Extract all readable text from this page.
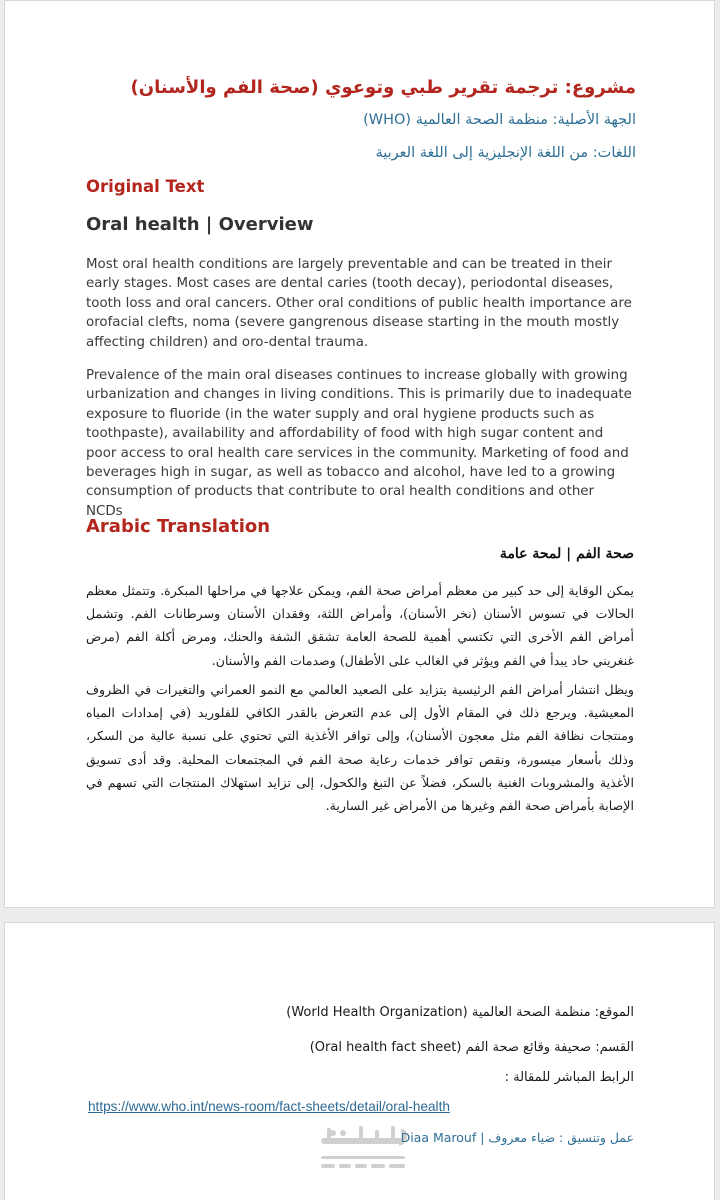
مشروع: ترجمة تقرير طبي وتوعوي (صحة الفم والأسنان)
الجهة الأصلية: منظمة الصحة العالمية (WHO)
اللغات: من اللغة الإنجليزية إلى اللغة العربية
Original Text
Oral health | Overview

Most oral health conditions are largely preventable and can be treated in their early stages. Most cases are dental caries (tooth decay), periodontal diseases, tooth loss and oral cancers. Other oral conditions of public health importance are orofacial clefts, noma (severe gangrenous disease starting in the mouth mostly affecting children) and oro-dental trauma.

Prevalence of the main oral diseases continues to increase globally with growing urbanization and changes in living conditions. This is primarily due to inadequate exposure to fluoride (in the water supply and oral hygiene products such as toothpaste), availability and affordability of food with high sugar content and poor access to oral health care services in the community. Marketing of food and beverages high in sugar, as well as tobacco and alcohol, have led to a growing consumption of products that contribute to oral health conditions and other NCDs

Arabic Translation
صحة الفم | لمحة عامة

يمكن الوقاية إلى حد كبير من معظم أمراض صحة الفم، ويمكن علاجها في مراحلها المبكرة. وتتمثل معظم الحالات في تسوس الأسنان (نخر الأسنان)، وأمراض اللثة، وفقدان الأسنان وسرطانات الفم. وتشمل أمراض الفم الأخرى التي تكتسي أهمية للصحة العامة تشقق الشفة والحنك، ومرض أكلة الفم (مرض غنغريني حاد يبدأ في الفم ويؤثر في الغالب على الأطفال) وصدمات الفم والأسنان.

ويظل انتشار أمراض الفم الرئيسية يتزايد على الصعيد العالمي مع النمو العمراني والتغيرات في الظروف المعيشية. ويرجع ذلك في المقام الأول إلى عدم التعرض بالقدر الكافي للفلوريد (في إمدادات المياه ومنتجات نظافة الفم مثل معجون الأسنان)، وإلى توافر الأغذية التي تحتوي على نسبة عالية من السكر، وذلك بأسعار ميسورة، ونقص توافر خدمات رعاية صحة الفم في المجتمعات المحلية. وقد أدى تسويق الأغذية والمشروبات الغنية بالسكر، فضلاً عن التبغ والكحول، إلى تزايد استهلاك المنتجات التي تسهم في الإصابة بأمراض صحة الفم وغيرها من الأمراض غير السارية.

الموقع: منظمة الصحة العالمية (World Health Organization)
القسم: صحيفة وقائع صحة الفم (Oral health fact sheet)
الرابط المباشر للمقالة :
https://www.who.int/news-room/fact-sheets/detail/oral-health
عمل وتنسيق : ضياء معروف | Diaa Marouf
